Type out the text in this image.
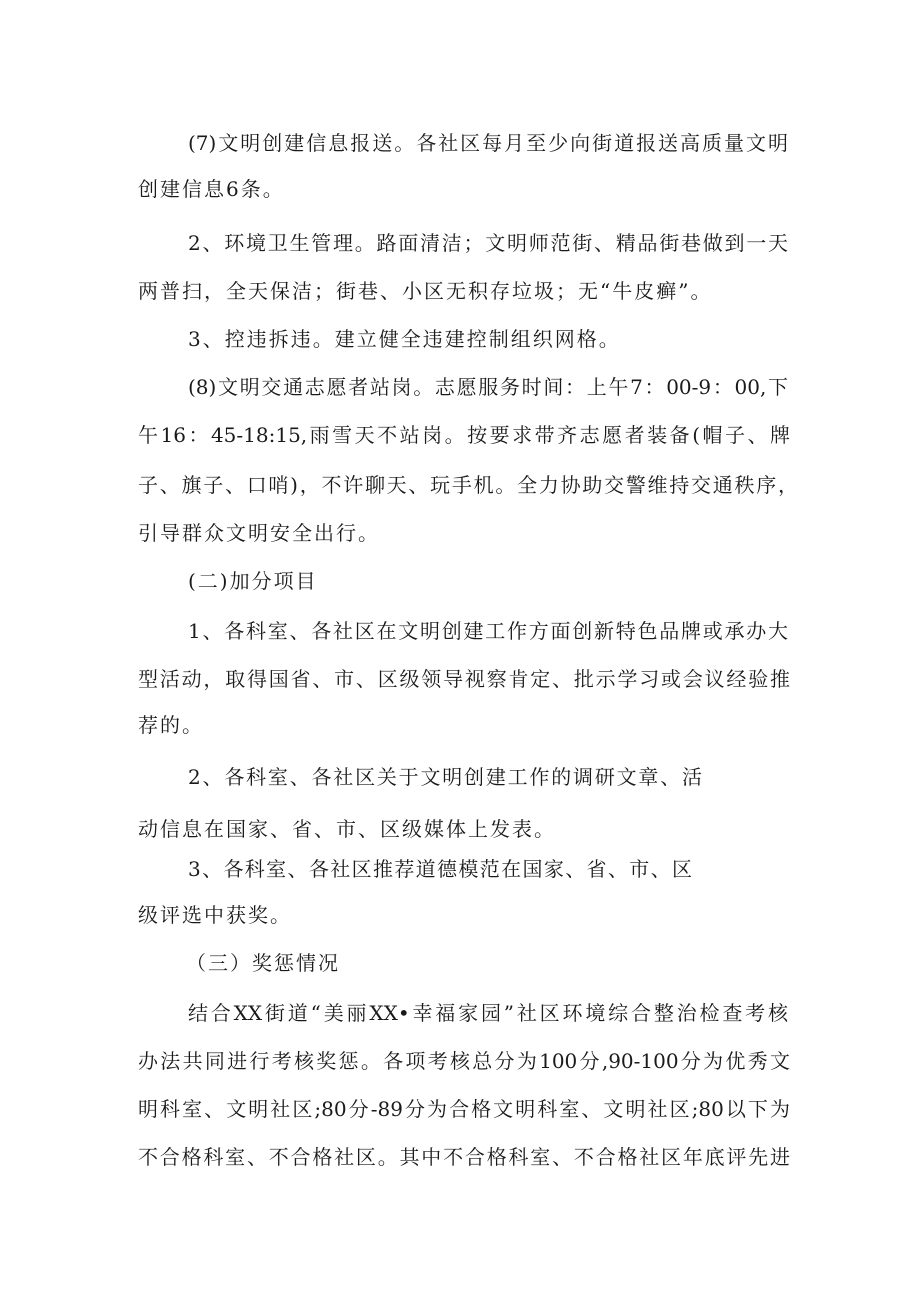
(7)文明创建信息报送。各社区每月至少向街道报送高质量文明
创建信息6条。
2、环境卫生管理。路面清洁；文明师范街、精品街巷做到一天
两普扫，全天保洁；街巷、小区无积存垃圾；无“牛皮癣”。
3、控违拆违。建立健全违建控制组织网格。
(8)文明交通志愿者站岗。志愿服务时间：上午7：00-9：00,下
午16：45-18:15,雨雪天不站岗。按要求带齐志愿者装备(帽子、牌
子、旗子、口哨)，不许聊天、玩手机。全力协助交警维持交通秩序，
引导群众文明安全出行。
(二)加分项目
1、各科室、各社区在文明创建工作方面创新特色品牌或承办大
型活动，取得国省、市、区级领导视察肯定、批示学习或会议经验推
荐的。
2、各科室、各社区关于文明创建工作的调研文章、活
动信息在国家、省、市、区级媒体上发表。
3、各科室、各社区推荐道德模范在国家、省、市、区
级评选中获奖。
（三）奖惩情况
结合XX街道“美丽XX•幸福家园”社区环境综合整治检查考核
办法共同进行考核奖惩。各项考核总分为100分,90-100分为优秀文
明科室、文明社区;80分-89分为合格文明科室、文明社区;80以下为
不合格科室、不合格社区。其中不合格科室、不合格社区年底评先进
